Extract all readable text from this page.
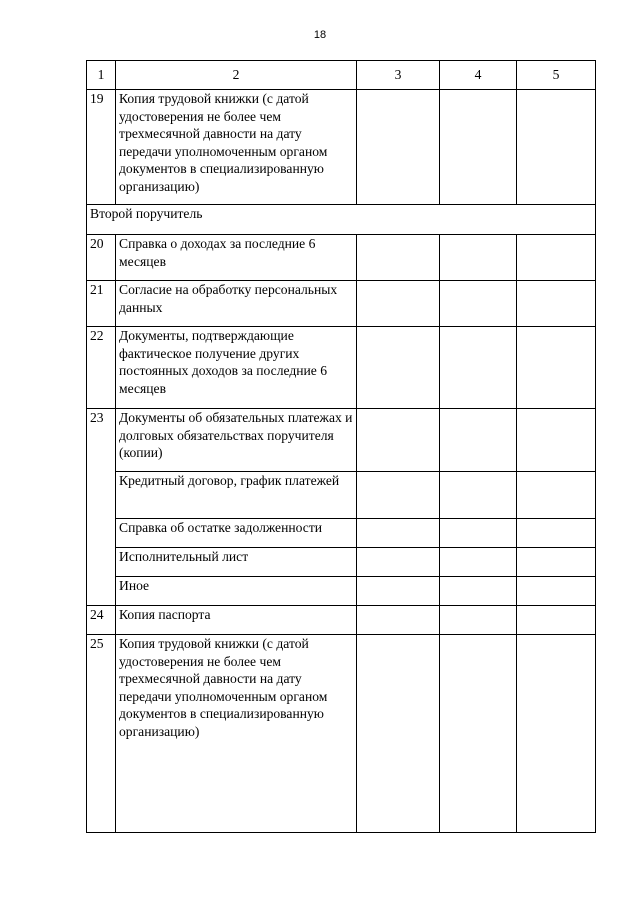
18
1	2	3	4	5
19	Копия трудовой книжки (с датой удостоверения не более чем трехмесячной давности на дату передачи уполномоченным органом документов в специализированную организацию)			
Второй поручитель				
20	Справка о доходах за последние 6 месяцев			
21	Согласие на обработку персональных данных			
22	Документы, подтверждающие фактическое получение других постоянных доходов за последние 6 месяцев			
23	Документы об обязательных платежах и долговых обязательствах поручителя (копии)			
	Кредитный договор, график платежей			
	Справка об остатке задолженности			
	Исполнительный лист			
	Иное			
24	Копия паспорта			
25	Копия трудовой книжки (с датой удостоверения не более чем трехмесячной давности на дату передачи уполномоченным органом документов в специализированную организацию)			
